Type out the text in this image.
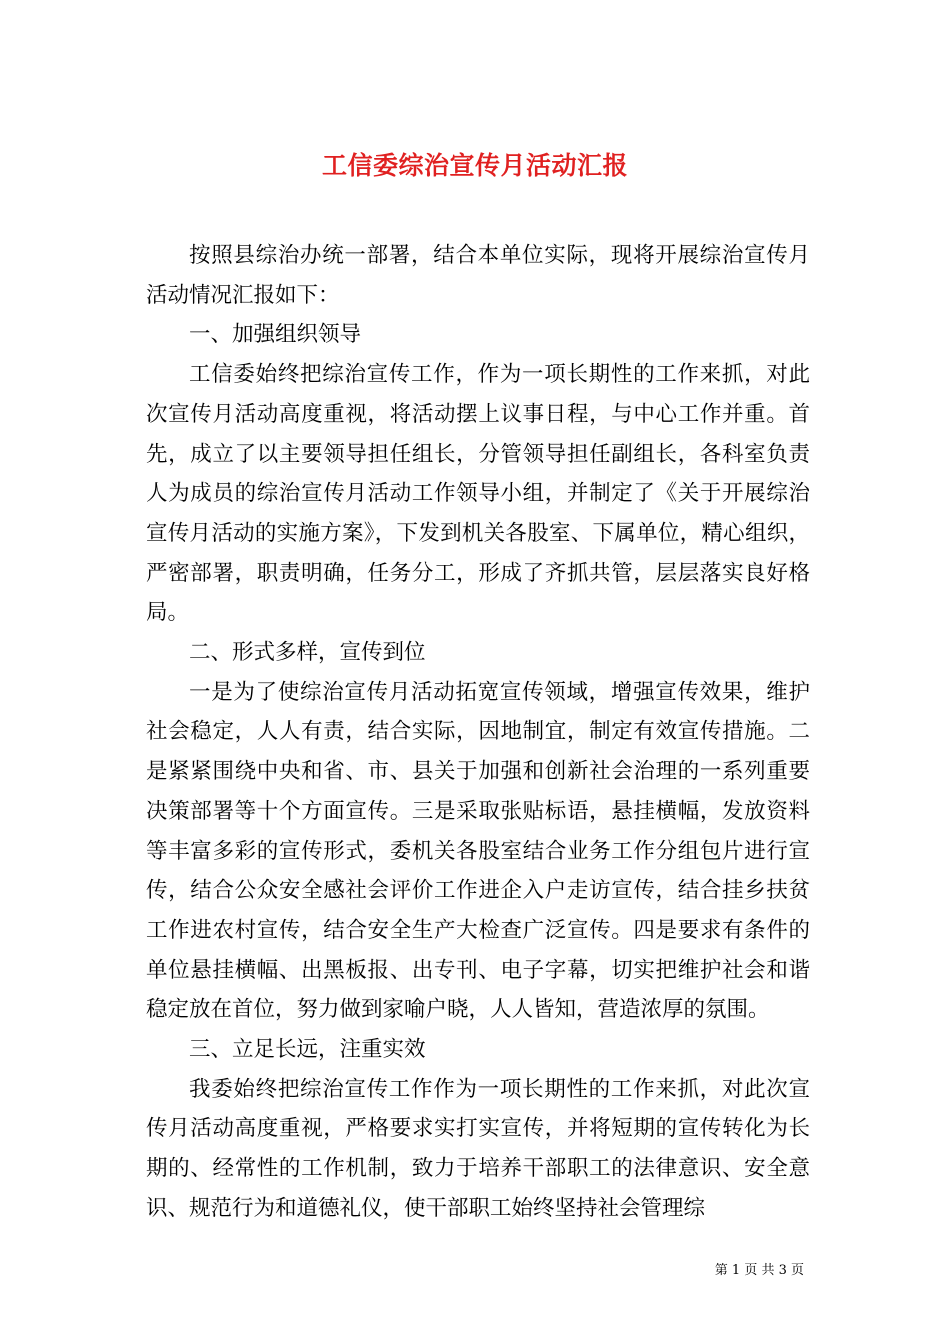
工信委综治宣传月活动汇报

按照县综治办统一部署，结合本单位实际，现将开展综治宣传月活动情况汇报如下：

一、加强组织领导

工信委始终把综治宣传工作，作为一项长期性的工作来抓，对此次宣传月活动高度重视，将活动摆上议事日程，与中心工作并重。首先，成立了以主要领导担任组长，分管领导担任副组长，各科室负责人为成员的综治宣传月活动工作领导小组，并制定了《关于开展综治宣传月活动的实施方案》，下发到机关各股室、下属单位，精心组织，严密部署，职责明确，任务分工，形成了齐抓共管，层层落实良好格局。

二、形式多样，宣传到位

一是为了使综治宣传月活动拓宽宣传领域，增强宣传效果，维护社会稳定，人人有责，结合实际，因地制宜，制定有效宣传措施。二是紧紧围绕中央和省、市、县关于加强和创新社会治理的一系列重要决策部署等十个方面宣传。三是采取张贴标语，悬挂横幅，发放资料等丰富多彩的宣传形式，委机关各股室结合业务工作分组包片进行宣传，结合公众安全感社会评价工作进企入户走访宣传，结合挂乡扶贫工作进农村宣传，结合安全生产大检查广泛宣传。四是要求有条件的单位悬挂横幅、出黑板报、出专刊、电子字幕，切实把维护社会和谐稳定放在首位，努力做到家喻户晓，人人皆知，营造浓厚的氛围。

三、立足长远，注重实效

我委始终把综治宣传工作作为一项长期性的工作来抓，对此次宣传月活动高度重视，严格要求实打实宣传，并将短期的宣传转化为长期的、经常性的工作机制，致力于培养干部职工的法律意识、安全意识、规范行为和道德礼仪，使干部职工始终坚持社会管理综

第 1 页 共 3 页
